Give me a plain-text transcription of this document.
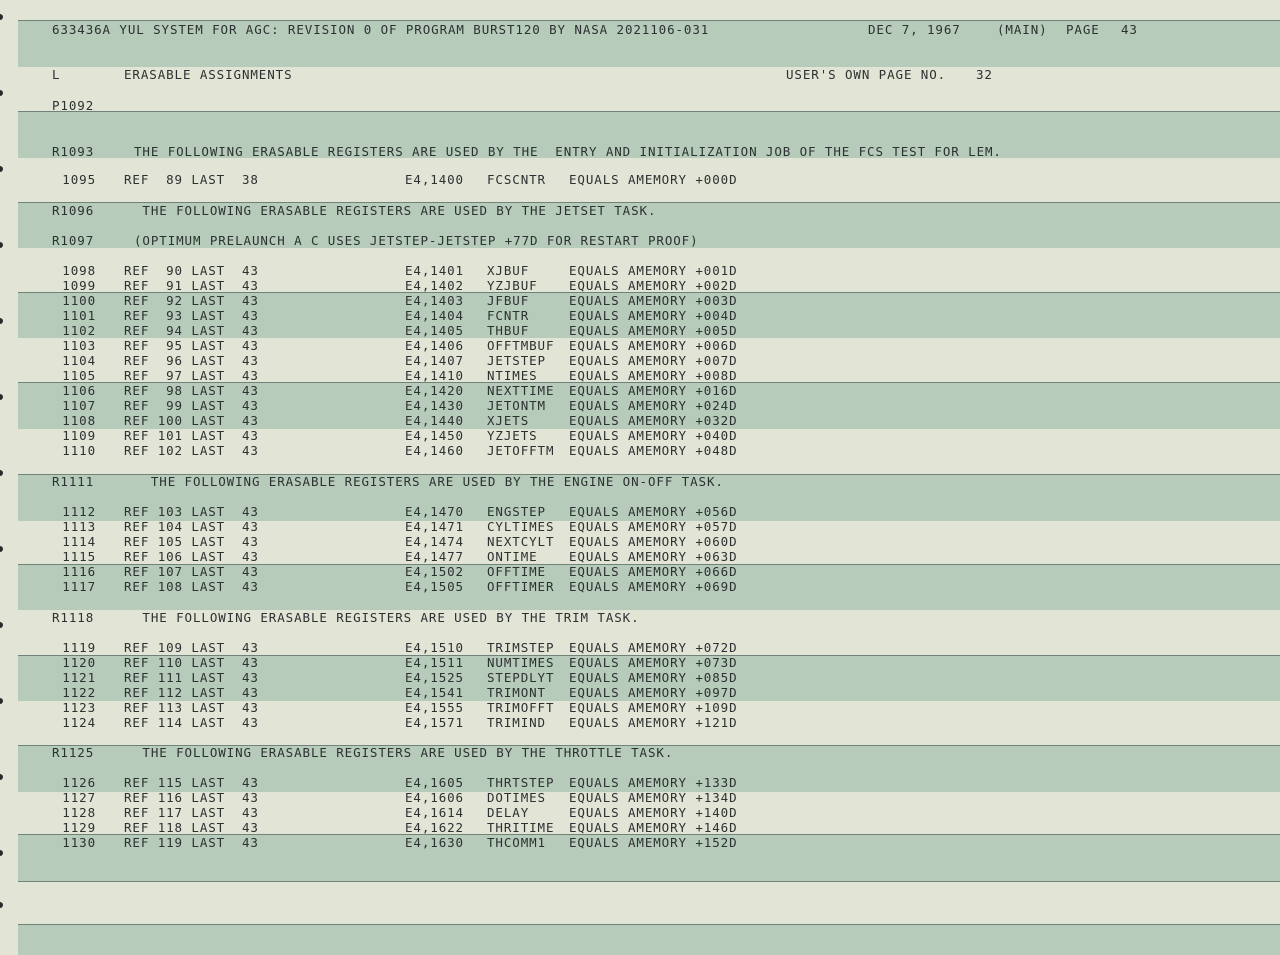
633436A YUL SYSTEM FOR AGC: REVISION 0 OF PROGRAM BURST120 BY NASA 2021106-031	DEC 7, 1967	(MAIN) PAGE 43
L	ERASABLE ASSIGNMENTS	USER'S OWN PAGE NO. 32
P1092
R1093	THE FOLLOWING ERASABLE REGISTERS ARE USED BY THE  ENTRY AND INITIALIZATION JOB OF THE FCS TEST FOR LEM.
1095 REF  89 LAST  38	E4,1400 FCSCNTR EQUALS AMEMORY +000D
R1096	THE FOLLOWING ERASABLE REGISTERS ARE USED BY THE JETSET TASK.
R1097	(OPTIMUM PRELAUNCH A C USES JETSTEP-JETSTEP +77D FOR RESTART PROOF)
1098 REF  90 LAST  43	E4,1401 XJBUF	EQUALS AMEMORY +001D
1099 REF  91 LAST  43	E4,1402 YZJBUF	EQUALS AMEMORY +002D
1100 REF  92 LAST  43	E4,1403 JFBUF	EQUALS AMEMORY +003D
1101 REF  93 LAST  43	E4,1404 FCNTR	EQUALS AMEMORY +004D
1102 REF  94 LAST  43	E4,1405 THBUF	EQUALS AMEMORY +005D
1103 REF  95 LAST  43	E4,1406 OFFTMBUF EQUALS AMEMORY +006D
1104 REF  96 LAST  43	E4,1407 JETSTEP EQUALS AMEMORY +007D
1105 REF  97 LAST  43	E4,1410 NTIMES	EQUALS AMEMORY +008D
1106 REF  98 LAST  43	E4,1420 NEXTTIME EQUALS AMEMORY +016D
1107 REF  99 LAST  43	E4,1430 JETONTM EQUALS AMEMORY +024D
1108 REF 100 LAST  43	E4,1440 XJETS	EQUALS AMEMORY +032D
1109 REF 101 LAST  43	E4,1450 YZJETS	EQUALS AMEMORY +040D
1110 REF 102 LAST  43	E4,1460 JETOFFTM EQUALS AMEMORY +048D
R1111	THE FOLLOWING ERASABLE REGISTERS ARE USED BY THE ENGINE ON-OFF TASK.
1112 REF 103 LAST  43	E4,1470 ENGSTEP EQUALS AMEMORY +056D
1113 REF 104 LAST  43	E4,1471 CYLTIMES EQUALS AMEMORY +057D
1114 REF 105 LAST  43	E4,1474 NEXTCYLT EQUALS AMEMORY +060D
1115 REF 106 LAST  43	E4,1477 ONTIME	EQUALS AMEMORY +063D
1116 REF 107 LAST  43	E4,1502 OFFTIME EQUALS AMEMORY +066D
1117 REF 108 LAST  43	E4,1505 OFFTIMER EQUALS AMEMORY +069D
R1118	THE FOLLOWING ERASABLE REGISTERS ARE USED BY THE TRIM TASK.
1119 REF 109 LAST  43	E4,1510 TRIMSTEP EQUALS AMEMORY +072D
1120 REF 110 LAST  43	E4,1511 NUMTIMES EQUALS AMEMORY +073D
1121 REF 111 LAST  43	E4,1525 STEPDLYT EQUALS AMEMORY +085D
1122 REF 112 LAST  43	E4,1541 TRIMONT EQUALS AMEMORY +097D
1123 REF 113 LAST  43	E4,1555 TRIMOFFT EQUALS AMEMORY +109D
1124 REF 114 LAST  43	E4,1571 TRIMIND EQUALS AMEMORY +121D
R1125	THE FOLLOWING ERASABLE REGISTERS ARE USED BY THE THROTTLE TASK.
1126 REF 115 LAST  43	E4,1605 THRTSTEP EQUALS AMEMORY +133D
1127 REF 116 LAST  43	E4,1606 DOTIMES EQUALS AMEMORY +134D
1128 REF 117 LAST  43	E4,1614 DELAY	EQUALS AMEMORY +140D
1129 REF 118 LAST  43	E4,1622 THRITIME EQUALS AMEMORY +146D
1130 REF 119 LAST  43	E4,1630 THCOMM1 EQUALS AMEMORY +152D
